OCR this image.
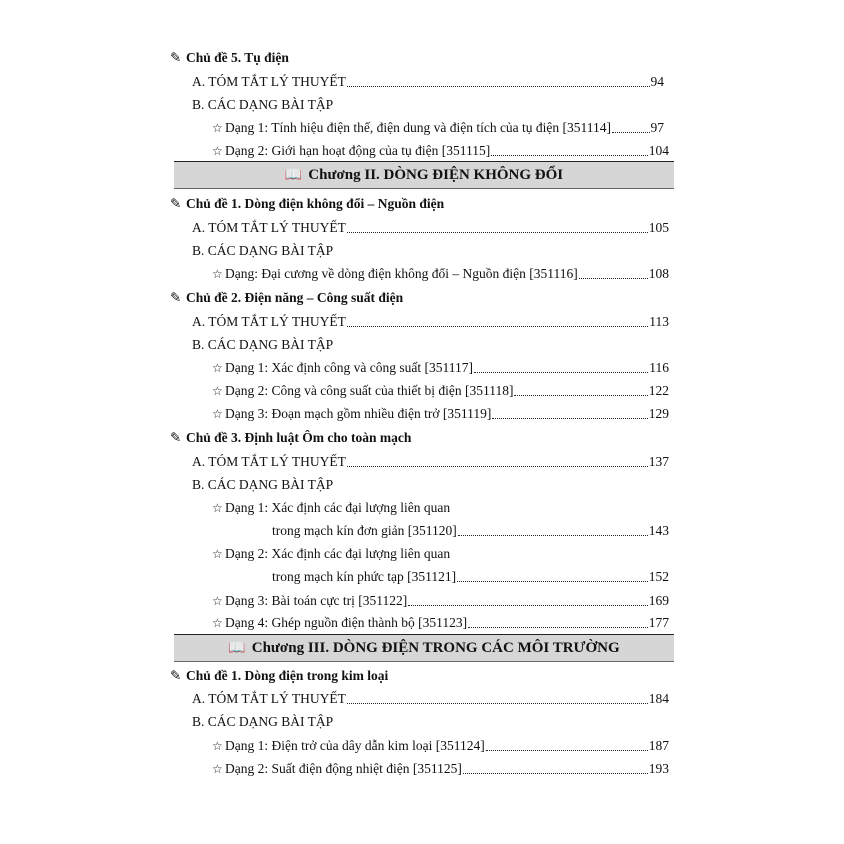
✎ Chủ đề 5. Tụ điện
A. TÓM TẮT LÝ THUYẾT	94
B. CÁC DẠNG BÀI TẬP
☆ Dạng 1: Tính hiệu điện thế, điện dung và điện tích của tụ điện [351114]	97
☆ Dạng 2: Giới hạn hoạt động của tụ điện [351115]	104
📖 Chương II. DÒNG ĐIỆN KHÔNG ĐỔI
✎ Chủ đề 1. Dòng điện không đổi – Nguồn điện
A. TÓM TẮT LÝ THUYẾT	105
B. CÁC DẠNG BÀI TẬP
☆ Dạng: Đại cương về dòng điện không đổi – Nguồn điện [351116]	108
✎ Chủ đề 2. Điện năng – Công suất điện
A. TÓM TẮT LÝ THUYẾT	113
B. CÁC DẠNG BÀI TẬP
☆ Dạng 1: Xác định công và công suất [351117]	116
☆ Dạng 2: Công và công suất của thiết bị điện [351118]	122
☆ Dạng 3: Đoạn mạch gồm nhiều điện trở [351119]	129
✎ Chủ đề 3. Định luật Ôm cho toàn mạch
A. TÓM TẮT LÝ THUYẾT	137
B. CÁC DẠNG BÀI TẬP
☆ Dạng 1: Xác định các đại lượng liên quan
trong mạch kín đơn giản [351120]	143
☆ Dạng 2: Xác định các đại lượng liên quan
trong mạch kín phức tạp [351121]	152
☆ Dạng 3: Bài toán cực trị [351122]	169
☆ Dạng 4: Ghép nguồn điện thành bộ [351123]	177
📖 Chương III. DÒNG ĐIỆN TRONG CÁC MÔI TRƯỜNG
✎ Chủ đề 1. Dòng điện trong kim loại
A. TÓM TẮT LÝ THUYẾT	184
B. CÁC DẠNG BÀI TẬP
☆ Dạng 1: Điện trở của dây dẫn kim loại [351124]	187
☆ Dạng 2: Suất điện động nhiệt điện [351125]	193
